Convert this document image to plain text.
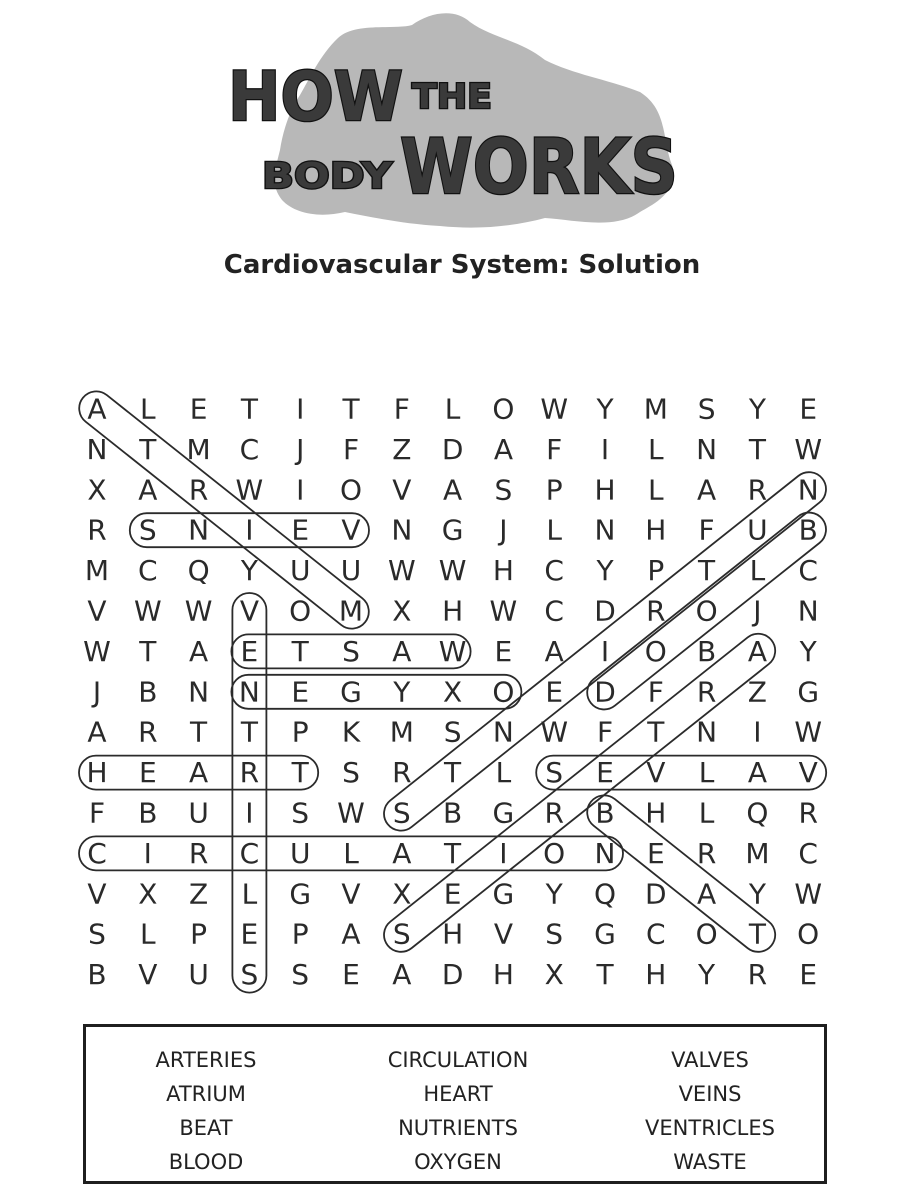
HOW THE
BODY WORKS
Cardiovascular System: Solution
A L E T I T F L O W Y M S Y E
N T M C J F Z D A F I L N T W
X A R W I O V A S P H L A R N
R S N I E V N G J L N H F U B
M C Q Y U U W W H C Y P T L C
V W W V O M X H W C D R O J N
W T A E T S A W E A I O B A Y
J B N N E G Y X O E D F R Z G
A R T T P K M S N W F T N I W
H E A R T S R T L S E V L A V
F B U I S W S B G R B H L Q R
C I R C U L A T I O N E R M C
V X Z L G V X E G Y Q D A Y W
S L P E P A S H V S G C O T O
B V U S S E A D H X T H Y R E
ARTERIES
ATRIUM
BEAT
BLOOD
CIRCULATION
HEART
NUTRIENTS
OXYGEN
VALVES
VEINS
VENTRICLES
WASTE
